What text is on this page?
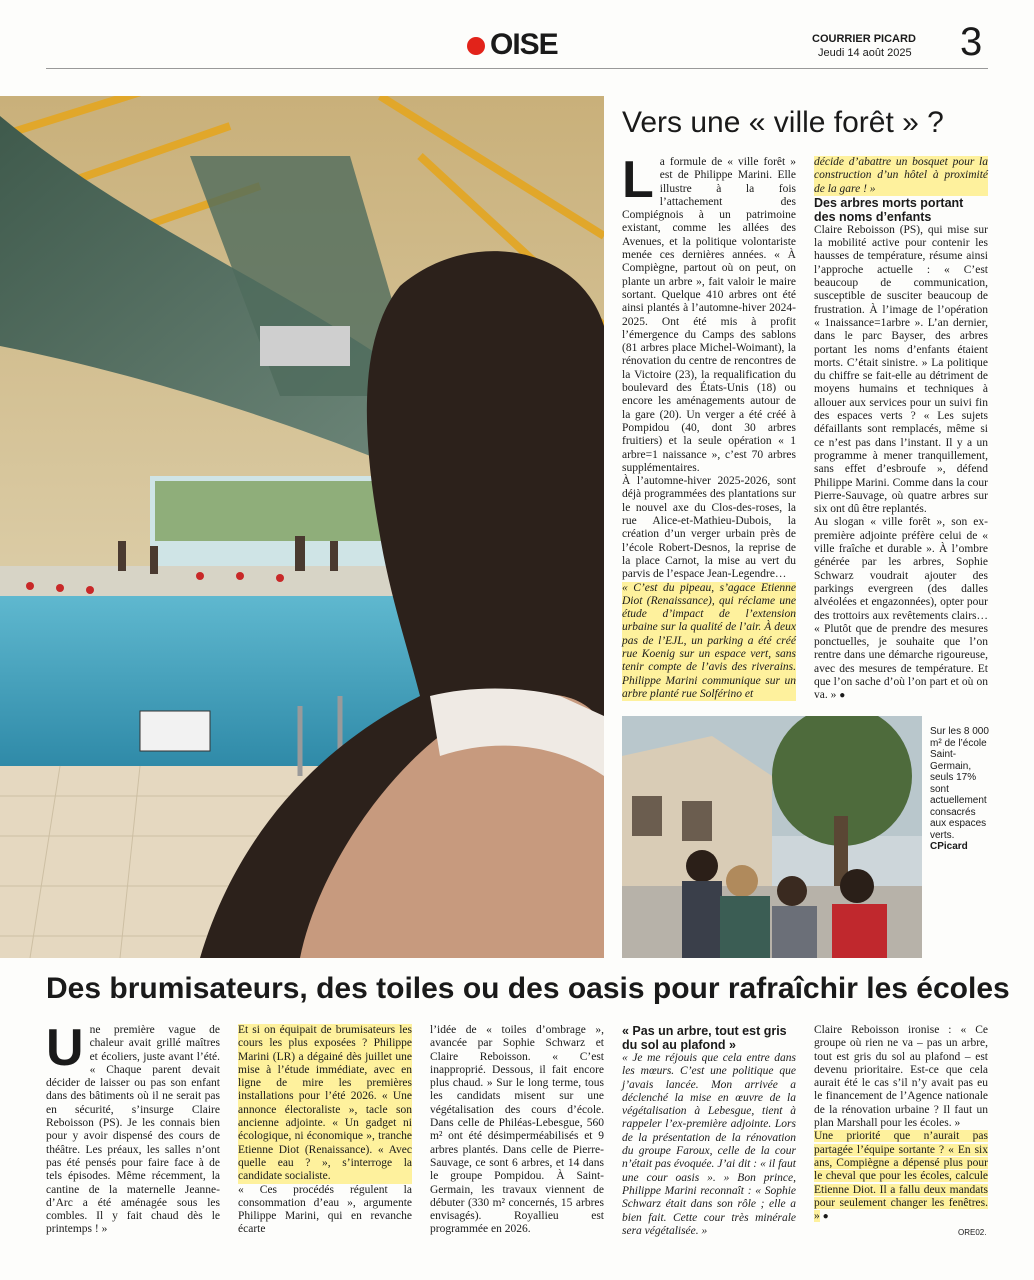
OISE	COURRIER PICARD
Jeudi 14 août 2025 3
Vers une « ville forêt » ?
L a formule de « ville forêt » est de Philippe Marini. Elle illustre à la fois l’attachement des Compiégnois à un patrimoine existant, comme les allées des Avenues, et la politique volontariste menée ces dernières années. « À Compiègne, partout où on peut, on plante un arbre », fait valoir le maire sortant. Quelque 410 arbres ont été ainsi plantés à l’automne-hiver 2024-2025. Ont été mis à profit l’émergence du Camps des sablons (81 arbres place Michel-Woimant), la rénovation du centre de rencontres de la Victoire (23), la requalification du boulevard des États-Unis (18) ou encore les aménagements autour de la gare (20). Un verger a été créé à Pompidou (40, dont 30 arbres fruitiers) et la seule opération « 1 arbre=1 naissance », c’est 70 arbres supplémentaires.

À l’automne-hiver 2025-2026, sont déjà programmées des plantations sur le nouvel axe du Clos-des-roses, la rue Alice-et-Mathieu-Dubois, la création d’un verger urbain près de l’école Robert-Desnos, la reprise de la place Carnot, la mise au vert du parvis de l’espace Jean-Legendre…

« C’est du pipeau, s’agace Etienne Diot (Renaissance), qui réclame une étude d’impact de l’extension urbaine sur la qualité de l’air. À deux pas de l’EJL, un parking a été créé rue Koenig sur un espace vert, sans tenir compte de l’avis des riverains. Philippe Marini communique sur un arbre planté rue Solférino et

décide d’abattre un bosquet pour la construction d’un hôtel à proximité de la gare ! »

Des arbres morts portant des noms d’enfants

Claire Reboisson (PS), qui mise sur la mobilité active pour contenir les hausses de température, résume ainsi l’approche actuelle : « C’est beaucoup de communication, susceptible de susciter beaucoup de frustration. À l’image de l’opération « 1naissance=1arbre ». L’an dernier, dans le parc Bayser, des arbres portant les noms d’enfants étaient morts. C’était sinistre. » La politique du chiffre se fait-elle au détriment de moyens humains et techniques à allouer aux services pour un suivi fin des espaces verts ? « Les sujets défaillants sont remplacés, même si ce n’est pas dans l’instant. Il y a un programme à mener tranquillement, sans effet d’esbroufe », défend Philippe Marini. Comme dans la cour Pierre-Sauvage, où quatre arbres sur six ont dû être replantés.

Au slogan « ville forêt », son ex-première adjointe préfère celui de « ville fraîche et durable ». À l’ombre générée par les arbres, Sophie Schwarz voudrait ajouter des parkings evergreen (des dalles alvéolées et engazonnées), opter pour des trottoirs aux revêtements clairs… « Plutôt que de prendre des mesures ponctuelles, je souhaite que l’on rentre dans une démarche rigoureuse, avec des mesures de température. Et que l’on sache d’où l’on part et où on va. » ●

Sur les 8 000 m² de l’école Saint-Germain, seuls 17% sont actuellement consacrés aux espaces verts.
CPicard
Des brumisateurs, des toiles ou des oasis pour rafraîchir les écoles
U ne première vague de chaleur avait grillé maîtres et écoliers, juste avant l’été. « Chaque parent devait décider de laisser ou pas son enfant dans des bâtiments où il ne serait pas en sécurité, s’insurge Claire Reboisson (PS). Je les connais bien pour y avoir dispensé des cours de théâtre. Les préaux, les salles n’ont pas été pensés pour faire face à de tels épisodes. Même récemment, la cantine de la maternelle Jeanne-d’Arc a été aménagée sous les combles. Il y fait chaud dès le printemps ! »

Et si on équipait de brumisateurs les cours les plus exposées ? Philippe Marini (LR) a dégainé dès juillet une mise à l’étude immédiate, avec en ligne de mire les premières installations pour l’été 2026. « Une annonce électoraliste », tacle son ancienne adjointe. « Un gadget ni écologique, ni économique », tranche Etienne Diot (Renaissance). « Avec quelle eau ? », s’interroge la candidate socialiste.

« Ces procédés régulent la consommation d’eau », argumente Philippe Marini, qui en revanche écarte

l’idée de « toiles d’ombrage », avancée par Sophie Schwarz et Claire Reboisson. « C’est inapproprié. Dessous, il fait encore plus chaud. » Sur le long terme, tous les candidats misent sur une végétalisation des cours d’école. Dans celle de Philéas-Lebesgue, 560 m² ont été désimperméabilisés et 9 arbres plantés. Dans celle de Pierre-Sauvage, ce sont 6 arbres, et 14 dans le groupe Pompidou. À Saint-Germain, les travaux viennent de débuter (330 m² concernés, 15 arbres envisagés). Royallieu est programmée en 2026.

« Pas un arbre, tout est gris du sol au plafond »

« Je me réjouis que cela entre dans les mœurs. C’est une politique que j’avais lancée. Mon arrivée a déclenché la mise en œuvre de la végétalisation à Lebesgue, tient à rappeler l’ex-première adjointe. Lors de la présentation de la rénovation du groupe Faroux, celle de la cour n’était pas évoquée. J’ai dit : « il faut une cour oasis ». » Bon prince, Philippe Marini reconnaît : « Sophie Schwarz était dans son rôle ; elle a bien fait. Cette cour très minérale sera végétalisée. »

Claire Reboisson ironise : « Ce groupe où rien ne va – pas un arbre, tout est gris du sol au plafond – est devenu prioritaire. Est-ce que cela aurait été le cas s’il n’y avait pas eu le financement de l’Agence nationale de la rénovation urbaine ? Il faut un plan Marshall pour les écoles. »

Une priorité que n’aurait pas partagée l’équipe sortante ? « En six ans, Compiègne a dépensé plus pour le cheval que pour les écoles, calcule Etienne Diot. Il a fallu deux mandats pour seulement changer les fenêtres. » ●

ORE02.
